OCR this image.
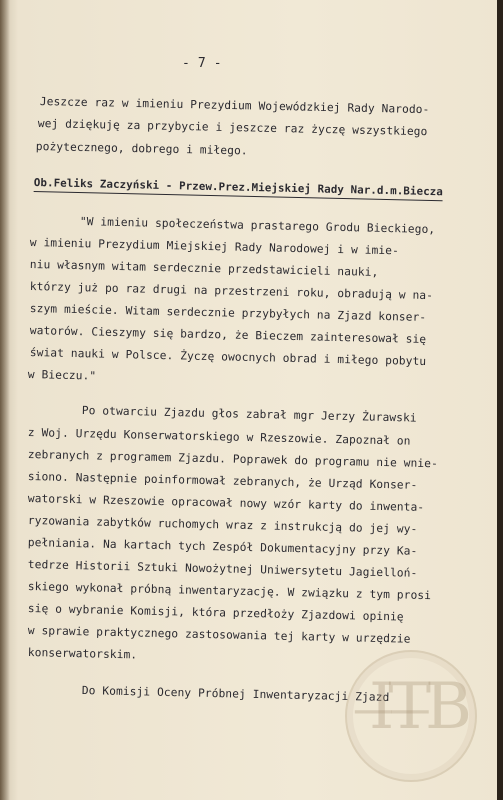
- 7 -
Jeszcze raz w imieniu Prezydium Wojewódzkiej Rady Narodo-
wej dziękuję za przybycie i jeszcze raz życzę wszystkiego
pożytecznego, dobrego i miłego.
Ob.Feliks Zaczyński - Przew.Prez.Miejskiej Rady Nar.d.m.Biecza
"W imieniu społeczeństwa prastarego Grodu Bieckiego,
w imieniu Prezydium Miejskiej Rady Narodowej i w imie-
niu własnym witam serdecznie przedstawicieli nauki,
którzy już po raz drugi na przestrzeni roku, obradują w na-
szym mieście. Witam serdecznie przybyłych na Zjazd konser-
watorów. Cieszymy się bardzo, że Bieczem zainteresował się
świat nauki w Polsce. Życzę owocnych obrad i miłego pobytu
w Bieczu."
Po otwarciu Zjazdu głos zabrał mgr Jerzy Żurawski
z Woj. Urzędu Konserwatorskiego w Rzeszowie. Zapoznał on
zebranych z programem Zjazdu. Poprawek do programu nie wnie-
siono. Następnie poinformował zebranych, że Urząd Konser-
watorski w Rzeszowie opracował nowy wzór karty do inwenta-
ryzowania zabytków ruchomych wraz z instrukcją do jej wy-
pełniania. Na kartach tych Zespół Dokumentacyjny przy Ka-
tedrze Historii Sztuki Nowożytnej Uniwersytetu Jagielloń-
skiego wykonał próbną inwentaryzację. W związku z tym prosi
się o wybranie Komisji, która przedłoży Zjazdowi opinię
w sprawie praktycznego zastosowania tej karty w urzędzie
konserwatorskim.
Do Komisji Oceny Próbnej Inwentaryzacji Zjazd
I̶T̶B
